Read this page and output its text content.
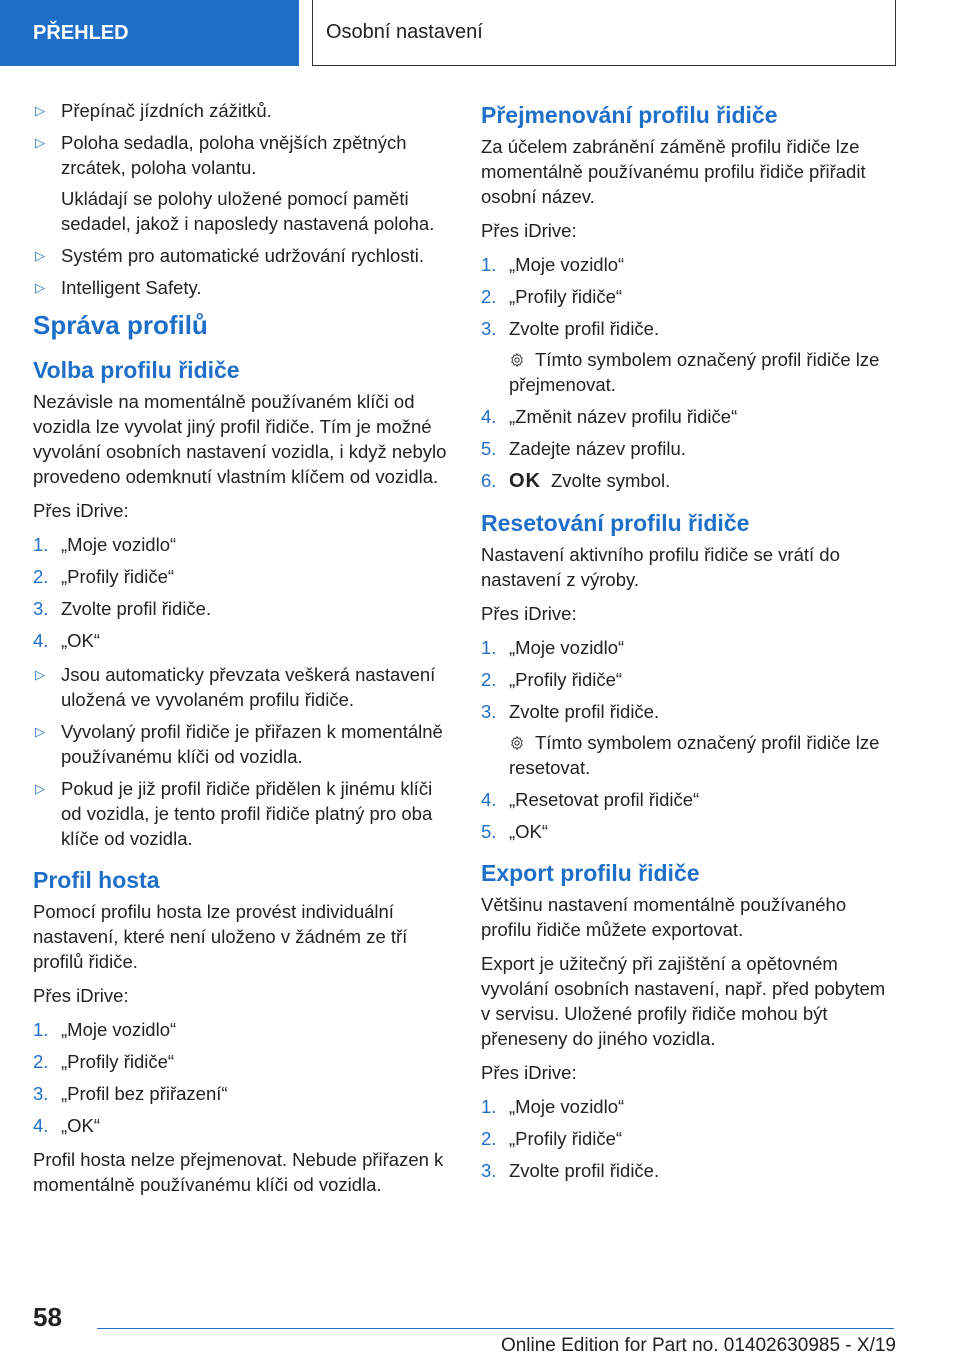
PŘEHLED	Osobní nastavení
▷ Přepínač jízdních zážitků.
▷ Poloha sedadla, poloha vnějších zpětných zrcátek, poloha volantu.
Ukládají se polohy uložené pomocí paměti sedadel, jakož i naposledy nastavená poloha.
▷ Systém pro automatické udržování rychlosti.
▷ Intelligent Safety.
Správa profilů
Volba profilu řidiče

Nezávisle na momentálně používaném klíči od vozidla lze vyvolat jiný profil řidiče. Tím je možné vyvolání osobních nastavení vozidla, i když nebylo provedeno odemknutí vlastním klíčem od vozidla.

Přes iDrive:

1. „Moje vozidlo“
2. „Profily řidiče“
3. Zvolte profil řidiče.
4. „OK“
▷ Jsou automaticky převzata veškerá nastavení uložená ve vyvolaném profilu řidiče.
▷ Vyvolaný profil řidiče je přiřazen k momentálně používanému klíči od vozidla.
▷ Pokud je již profil řidiče přidělen k jinému klíči od vozidla, je tento profil řidiče platný pro oba klíče od vozidla.
Profil hosta

Pomocí profilu hosta lze provést individuální nastavení, které není uloženo v žádném ze tří profilů řidiče.

Přes iDrive:

1. „Moje vozidlo“
2. „Profily řidiče“
3. „Profil bez přiřazení“
4. „OK“

Profil hosta nelze přejmenovat. Nebude přiřazen k momentálně používanému klíči od vozidla.

Přejmenování profilu řidiče

Za účelem zabránění záměně profilu řidiče lze momentálně používanému profilu řidiče přiřadit osobní název.

Přes iDrive:

1. „Moje vozidlo“
2. „Profily řidiče“
3. Zvolte profil řidiče.
Tímto symbolem označený profil řidiče lze přejmenovat.
4. „Změnit název profilu řidiče“
5. Zadejte název profilu.
6. OK Zvolte symbol.
Resetování profilu řidiče

Nastavení aktivního profilu řidiče se vrátí do nastavení z výroby.

Přes iDrive:

1. „Moje vozidlo“
2. „Profily řidiče“
3. Zvolte profil řidiče.
Tímto symbolem označený profil řidiče lze resetovat.
4. „Resetovat profil řidiče“
5. „OK“
Export profilu řidiče

Většinu nastavení momentálně používaného profilu řidiče můžete exportovat.

Export je užitečný při zajištění a opětovném vyvolání osobních nastavení, např. před pobytem v servisu. Uložené profily řidiče mohou být přeneseny do jiného vozidla.

Přes iDrive:

1. „Moje vozidlo“
2. „Profily řidiče“
3. Zvolte profil řidiče.
58
Online Edition for Part no. 01402630985 - X/19
